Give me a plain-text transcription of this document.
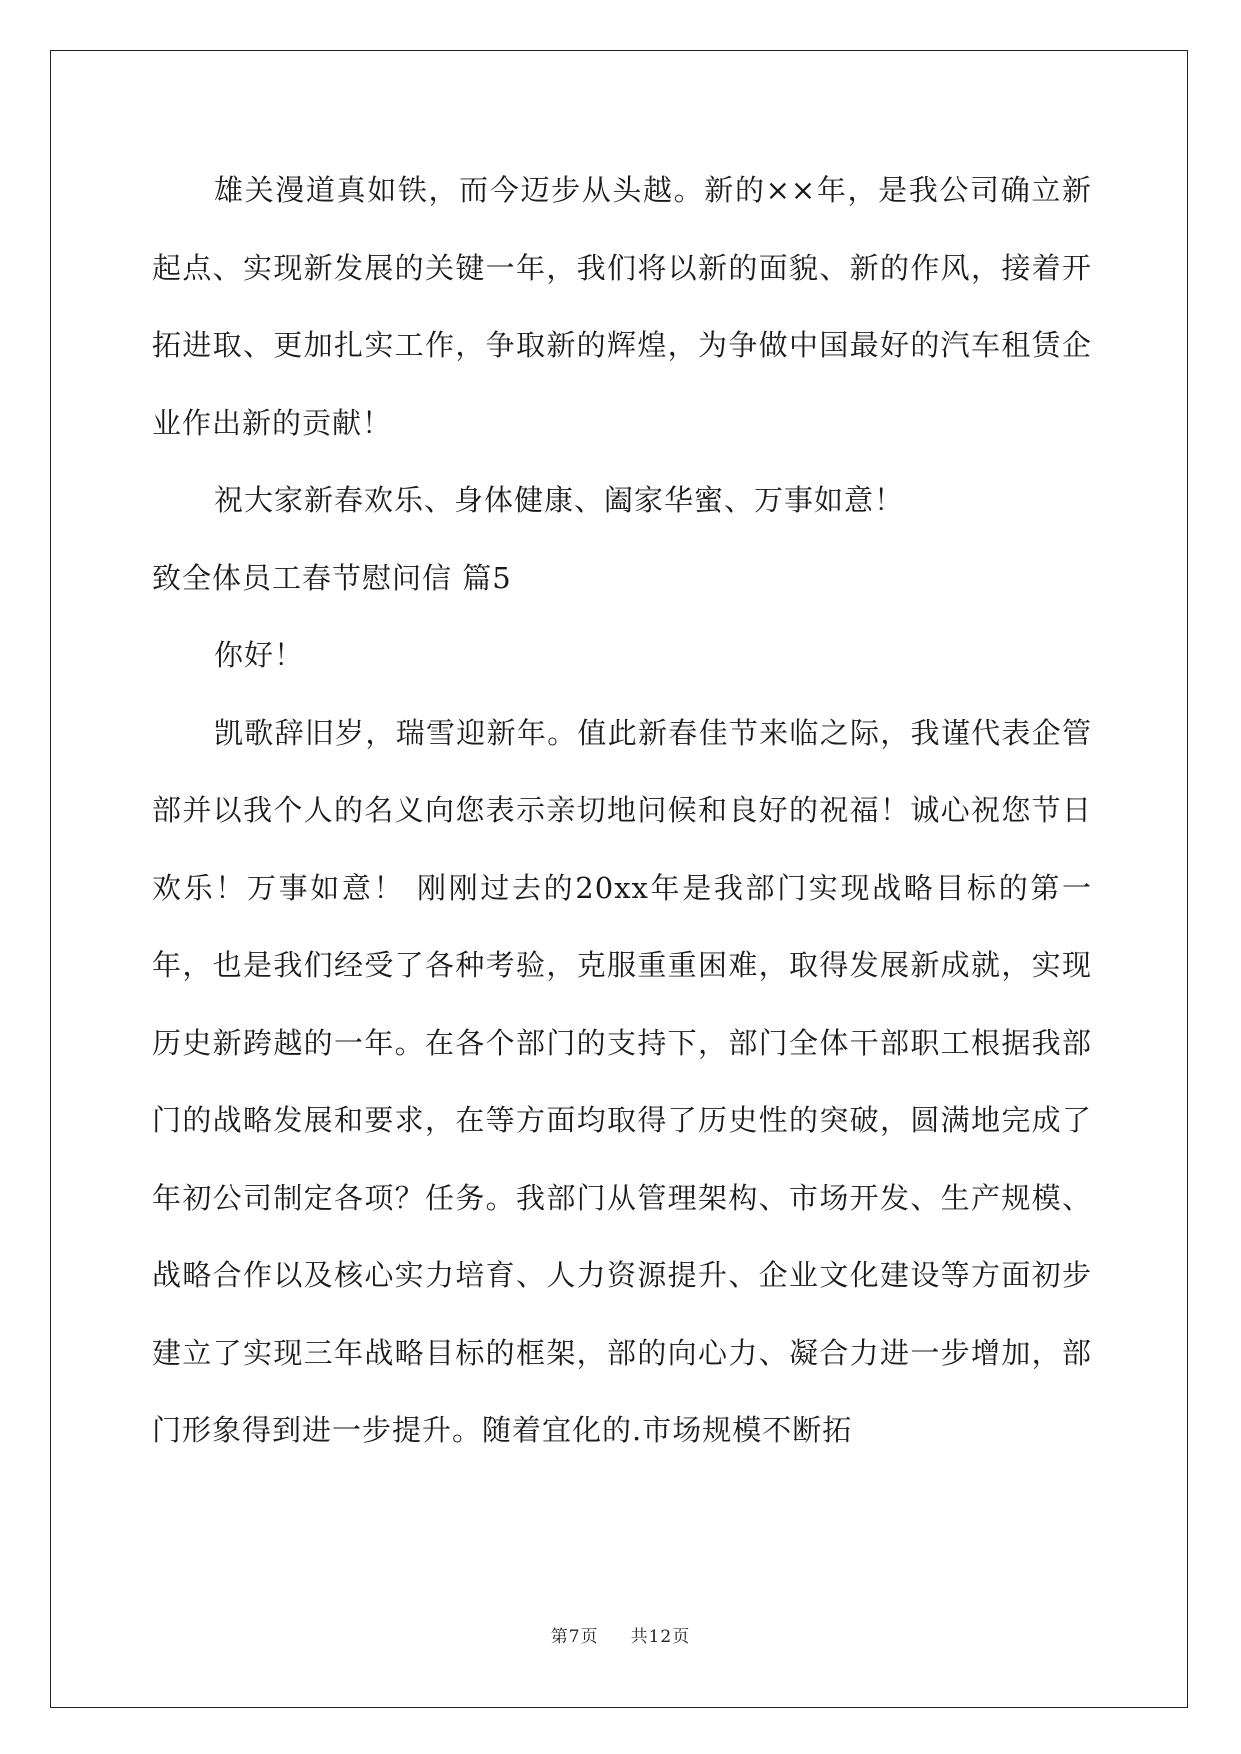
雄关漫道真如铁，而今迈步从头越。新的××年，是我公司确立新起点、实现新发展的关键一年，我们将以新的面貌、新的作风，接着开拓进取、更加扎实工作，争取新的辉煌，为争做中国最好的汽车租赁企业作出新的贡献！

祝大家新春欢乐、身体健康、阖家华蜜、万事如意！

致全体员工春节慰问信 篇5

你好！

凯歌辞旧岁，瑞雪迎新年。值此新春佳节来临之际，我谨代表企管部并以我个人的名义向您表示亲切地问候和良好的祝福！诚心祝您节日欢乐！万事如意！ 刚刚过去的20xx年是我部门实现战略目标的第一年，也是我们经受了各种考验，克服重重困难，取得发展新成就，实现历史新跨越的一年。在各个部门的支持下，部门全体干部职工根据我部门的战略发展和要求，在等方面均取得了历史性的突破，圆满地完成了年初公司制定各项？任务。我部门从管理架构、市场开发、生产规模、战略合作以及核心实力培育、人力资源提升、企业文化建设等方面初步建立了实现三年战略目标的框架，部的向心力、凝合力进一步增加，部门形象得到进一步提升。随着宜化的.市场规模不断拓

第7页 共12页
